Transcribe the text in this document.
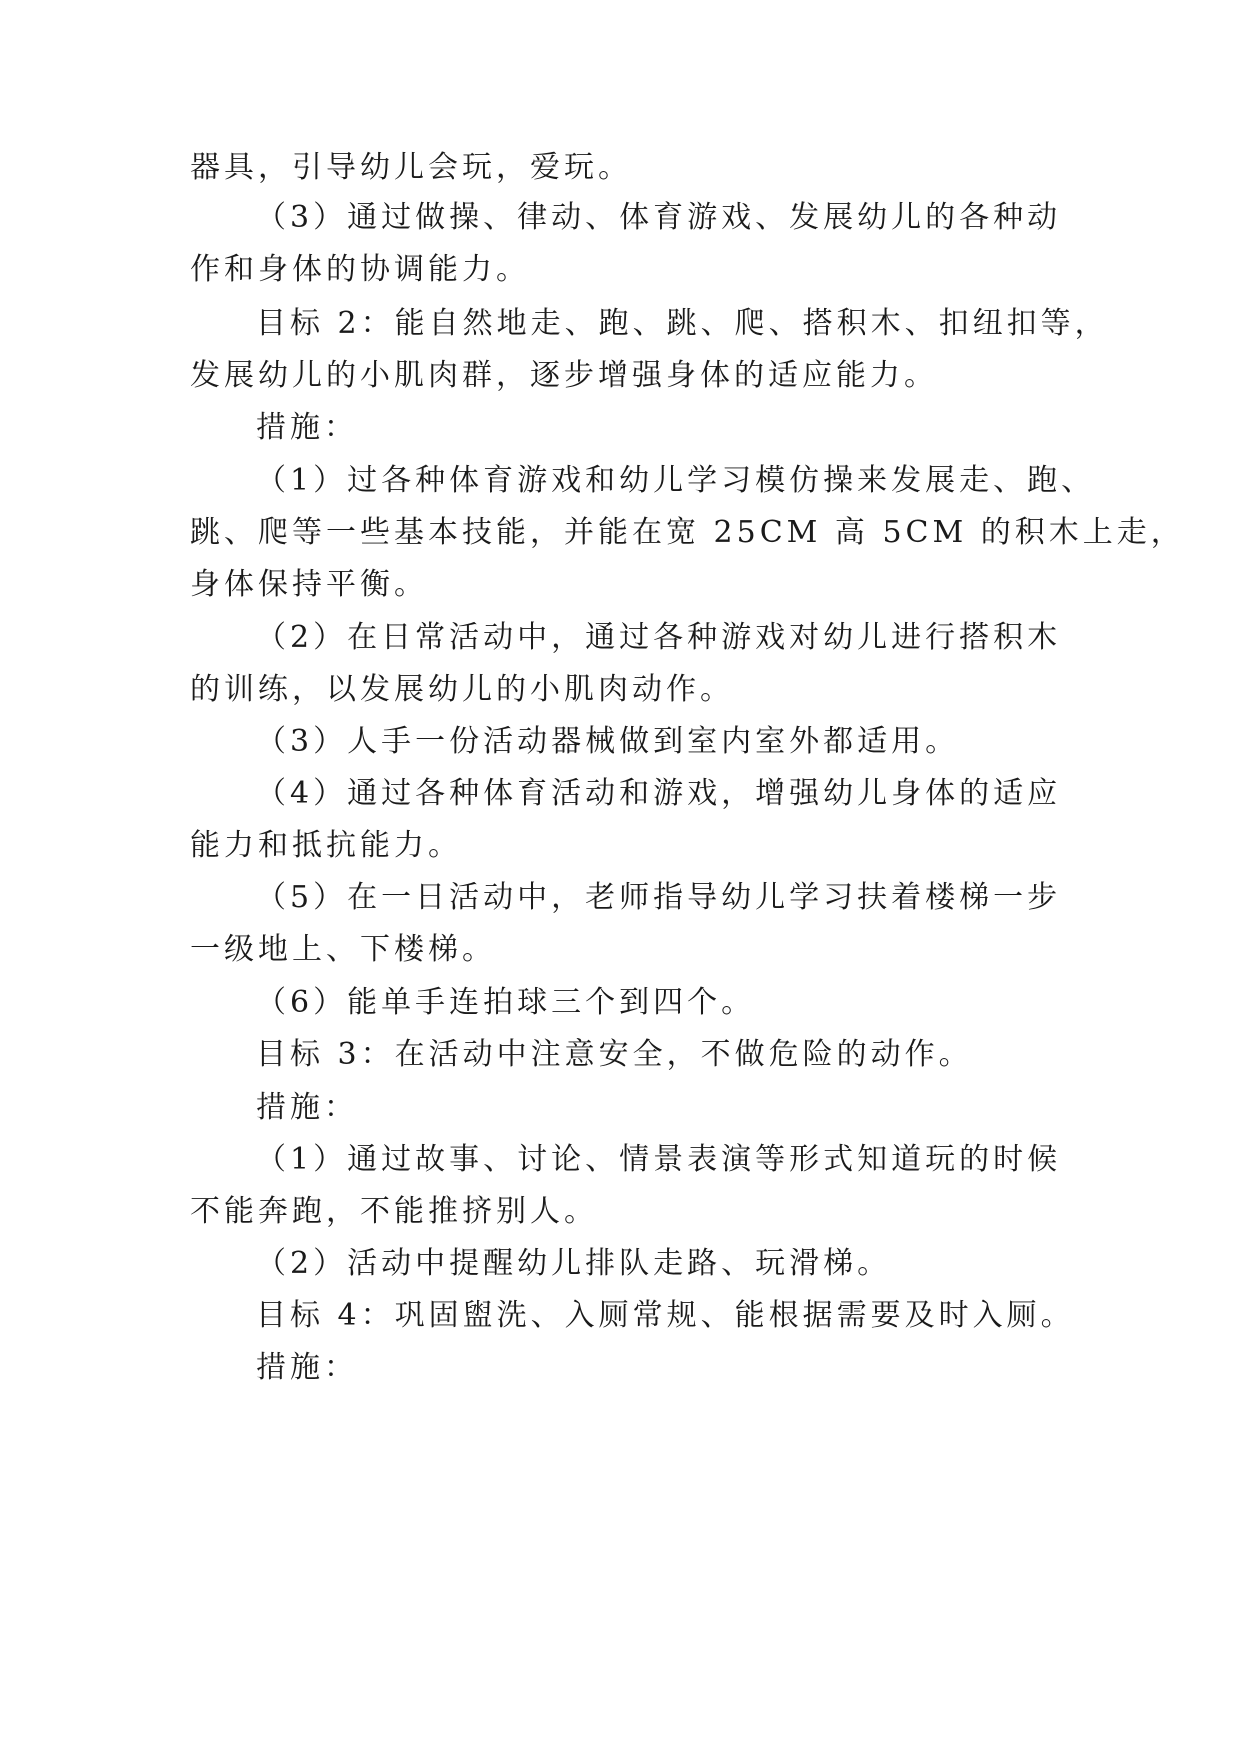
器具，引导幼儿会玩，爱玩。
（3）通过做操、律动、体育游戏、发展幼儿的各种动
作和身体的协调能力。
目标 2：能自然地走、跑、跳、爬、搭积木、扣纽扣等，
发展幼儿的小肌肉群，逐步增强身体的适应能力。
措施：
（1）过各种体育游戏和幼儿学习模仿操来发展走、跑、
跳、爬等一些基本技能，并能在宽 25CM 高 5CM 的积木上走，
身体保持平衡。
（2）在日常活动中，通过各种游戏对幼儿进行搭积木
的训练，以发展幼儿的小肌肉动作。
（3）人手一份活动器械做到室内室外都适用。
（4）通过各种体育活动和游戏，增强幼儿身体的适应
能力和抵抗能力。
（5）在一日活动中，老师指导幼儿学习扶着楼梯一步
一级地上、下楼梯。
（6）能单手连拍球三个到四个。
目标 3：在活动中注意安全，不做危险的动作。
措施：
（1）通过故事、讨论、情景表演等形式知道玩的时候
不能奔跑，不能推挤别人。
（2）活动中提醒幼儿排队走路、玩滑梯。
目标 4：巩固盥洗、入厕常规、能根据需要及时入厕。
措施：
